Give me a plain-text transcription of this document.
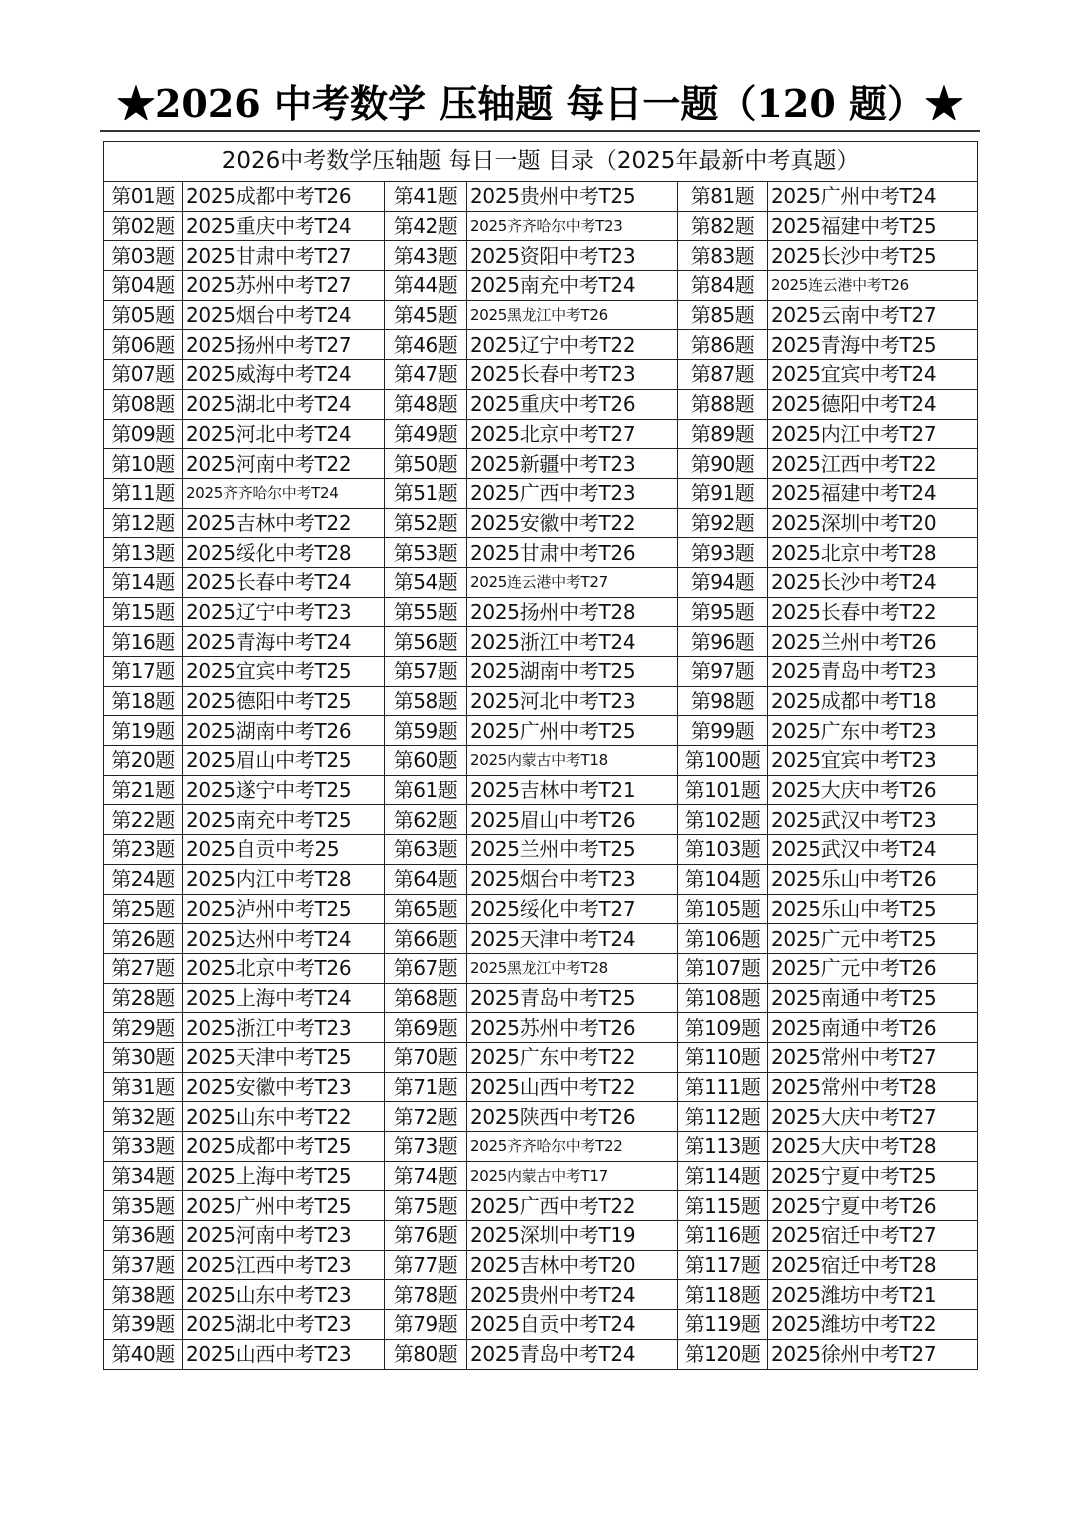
★2026 中考数学 压轴题 每日一题（120 题）★
2026中考数学压轴题 每日一题 目录（2025年最新中考真题）					
第01题	2025成都中考T26	第41题	2025贵州中考T25	第81题	2025广州中考T24
第02题	2025重庆中考T24	第42题	2025齐齐哈尔中考T23	第82题	2025福建中考T25
第03题	2025甘肃中考T27	第43题	2025资阳中考T23	第83题	2025长沙中考T25
第04题	2025苏州中考T27	第44题	2025南充中考T24	第84题	2025连云港中考T26
第05题	2025烟台中考T24	第45题	2025黑龙江中考T26	第85题	2025云南中考T27
第06题	2025扬州中考T27	第46题	2025辽宁中考T22	第86题	2025青海中考T25
第07题	2025威海中考T24	第47题	2025长春中考T23	第87题	2025宜宾中考T24
第08题	2025湖北中考T24	第48题	2025重庆中考T26	第88题	2025德阳中考T24
第09题	2025河北中考T24	第49题	2025北京中考T27	第89题	2025内江中考T27
第10题	2025河南中考T22	第50题	2025新疆中考T23	第90题	2025江西中考T22
第11题	2025齐齐哈尔中考T24	第51题	2025广西中考T23	第91题	2025福建中考T24
第12题	2025吉林中考T22	第52题	2025安徽中考T22	第92题	2025深圳中考T20
第13题	2025绥化中考T28	第53题	2025甘肃中考T26	第93题	2025北京中考T28
第14题	2025长春中考T24	第54题	2025连云港中考T27	第94题	2025长沙中考T24
第15题	2025辽宁中考T23	第55题	2025扬州中考T28	第95题	2025长春中考T22
第16题	2025青海中考T24	第56题	2025浙江中考T24	第96题	2025兰州中考T26
第17题	2025宜宾中考T25	第57题	2025湖南中考T25	第97题	2025青岛中考T23
第18题	2025德阳中考T25	第58题	2025河北中考T23	第98题	2025成都中考T18
第19题	2025湖南中考T26	第59题	2025广州中考T25	第99题	2025广东中考T23
第20题	2025眉山中考T25	第60题	2025内蒙古中考T18	第100题	2025宜宾中考T23
第21题	2025遂宁中考T25	第61题	2025吉林中考T21	第101题	2025大庆中考T26
第22题	2025南充中考T25	第62题	2025眉山中考T26	第102题	2025武汉中考T23
第23题	2025自贡中考25	第63题	2025兰州中考T25	第103题	2025武汉中考T24
第24题	2025内江中考T28	第64题	2025烟台中考T23	第104题	2025乐山中考T26
第25题	2025泸州中考T25	第65题	2025绥化中考T27	第105题	2025乐山中考T25
第26题	2025达州中考T24	第66题	2025天津中考T24	第106题	2025广元中考T25
第27题	2025北京中考T26	第67题	2025黑龙江中考T28	第107题	2025广元中考T26
第28题	2025上海中考T24	第68题	2025青岛中考T25	第108题	2025南通中考T25
第29题	2025浙江中考T23	第69题	2025苏州中考T26	第109题	2025南通中考T26
第30题	2025天津中考T25	第70题	2025广东中考T22	第110题	2025常州中考T27
第31题	2025安徽中考T23	第71题	2025山西中考T22	第111题	2025常州中考T28
第32题	2025山东中考T22	第72题	2025陕西中考T26	第112题	2025大庆中考T27
第33题	2025成都中考T25	第73题	2025齐齐哈尔中考T22	第113题	2025大庆中考T28
第34题	2025上海中考T25	第74题	2025内蒙古中考T17	第114题	2025宁夏中考T25
第35题	2025广州中考T25	第75题	2025广西中考T22	第115题	2025宁夏中考T26
第36题	2025河南中考T23	第76题	2025深圳中考T19	第116题	2025宿迁中考T27
第37题	2025江西中考T23	第77题	2025吉林中考T20	第117题	2025宿迁中考T28
第38题	2025山东中考T23	第78题	2025贵州中考T24	第118题	2025潍坊中考T21
第39题	2025湖北中考T23	第79题	2025自贡中考T24	第119题	2025潍坊中考T22
第40题	2025山西中考T23	第80题	2025青岛中考T24	第120题	2025徐州中考T27
